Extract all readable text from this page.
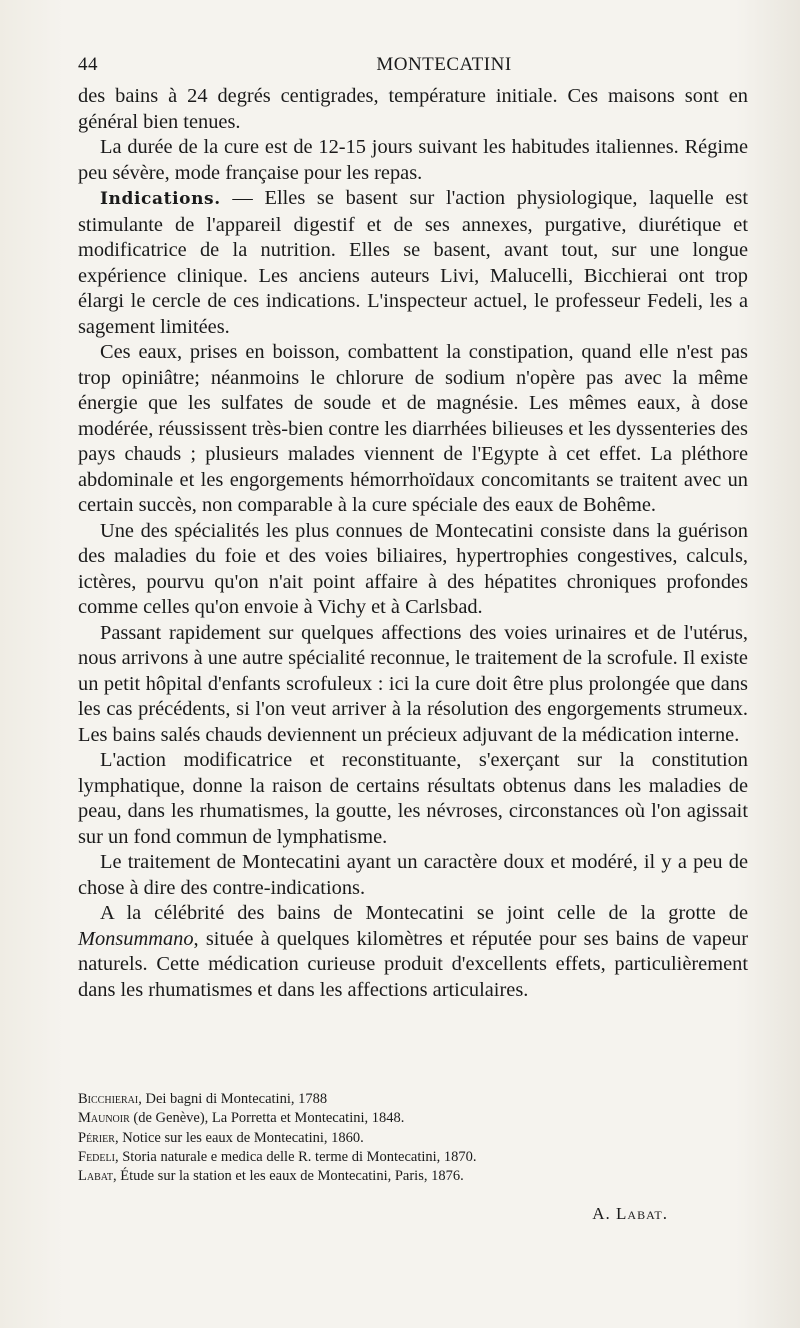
44	MONTECATINI

des bains à 24 degrés centigrades, température initiale. Ces maisons sont en général bien tenues.

La durée de la cure est de 12-15 jours suivant les habitudes italiennes. Régime peu sévère, mode française pour les repas.

Indications. — Elles se basent sur l'action physiologique, laquelle est stimulante de l'appareil digestif et de ses annexes, purgative, diurétique et modificatrice de la nutrition. Elles se basent, avant tout, sur une longue expérience clinique. Les anciens auteurs Livi, Malucelli, Bicchierai ont trop élargi le cercle de ces indications. L'inspecteur actuel, le professeur Fedeli, les a sagement limitées.

Ces eaux, prises en boisson, combattent la constipation, quand elle n'est pas trop opiniâtre; néanmoins le chlorure de sodium n'opère pas avec la même énergie que les sulfates de soude et de magnésie. Les mêmes eaux, à dose modérée, réussissent très-bien contre les diarrhées bilieuses et les dyssenteries des pays chauds ; plusieurs malades viennent de l'Egypte à cet effet. La pléthore abdominale et les engorgements hémorrhoïdaux concomitants se traitent avec un certain succès, non comparable à la cure spéciale des eaux de Bohême.

Une des spécialités les plus connues de Montecatini consiste dans la guérison des maladies du foie et des voies biliaires, hypertrophies congestives, calculs, ictères, pourvu qu'on n'ait point affaire à des hépatites chroniques profondes comme celles qu'on envoie à Vichy et à Carlsbad.

Passant rapidement sur quelques affections des voies urinaires et de l'utérus, nous arrivons à une autre spécialité reconnue, le traitement de la scrofule. Il existe un petit hôpital d'enfants scrofuleux : ici la cure doit être plus prolongée que dans les cas précédents, si l'on veut arriver à la résolution des engorgements strumeux. Les bains salés chauds deviennent un précieux adjuvant de la médication interne.

L'action modificatrice et reconstituante, s'exerçant sur la constitution lymphatique, donne la raison de certains résultats obtenus dans les maladies de peau, dans les rhumatismes, la goutte, les névroses, circonstances où l'on agissait sur un fond commun de lymphatisme.

Le traitement de Montecatini ayant un caractère doux et modéré, il y a peu de chose à dire des contre-indications.

A la célébrité des bains de Montecatini se joint celle de la grotte de Monsummano, située à quelques kilomètres et réputée pour ses bains de vapeur naturels. Cette médication curieuse produit d'excellents effets, particulièrement dans les rhumatismes et dans les affections articulaires.

Bicchierai, Dei bagni di Montecatini, 1788
Maunoir (de Genève), La Porretta et Montecatini, 1848.
Périer, Notice sur les eaux de Montecatini, 1860.
Fedeli, Storia naturale e medica delle R. terme di Montecatini, 1870.
Labat, Étude sur la station et les eaux de Montecatini, Paris, 1876.
A. Labat.
